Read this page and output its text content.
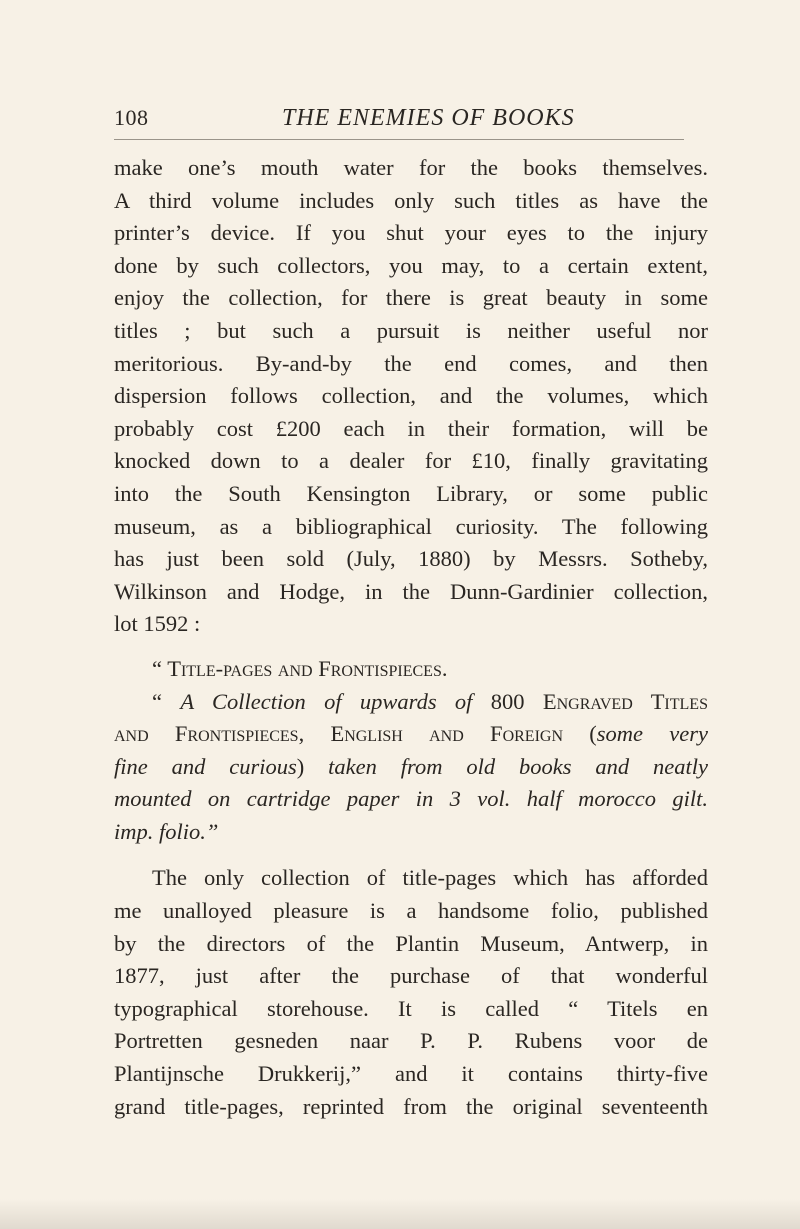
108	THE ENEMIES OF BOOKS
make one’s mouth water for the books themselves.
A third volume includes only such titles as have the
printer’s device. If you shut your eyes to the injury
done by such collectors, you may, to a certain extent,
enjoy the collection, for there is great beauty in some
titles ; but such a pursuit is neither useful nor
meritorious. By-and-by the end comes, and then
dispersion follows collection, and the volumes, which
probably cost £200 each in their formation, will be
knocked down to a dealer for £10, finally gravitating
into the South Kensington Library, or some public
museum, as a bibliographical curiosity. The following
has just been sold (July, 1880) by Messrs. Sotheby,
Wilkinson and Hodge, in the Dunn-Gardinier collection,
lot 1592 :
“ Title-pages and Frontispieces.
“ A Collection of upwards of 800 Engraved Titles
and Frontispieces, English and Foreign (some very
fine and curious) taken from old books and neatly
mounted on cartridge paper in 3 vol. half morocco gilt.
imp. folio.”
The only collection of title-pages which has afforded
me unalloyed pleasure is a handsome folio, published
by the directors of the Plantin Museum, Antwerp, in
1877, just after the purchase of that wonderful
typographical storehouse. It is called “ Titels en
Portretten gesneden naar P. P. Rubens voor de
Plantijnsche Drukkerij,” and it contains thirty-five
grand title-pages, reprinted from the original seventeenth
